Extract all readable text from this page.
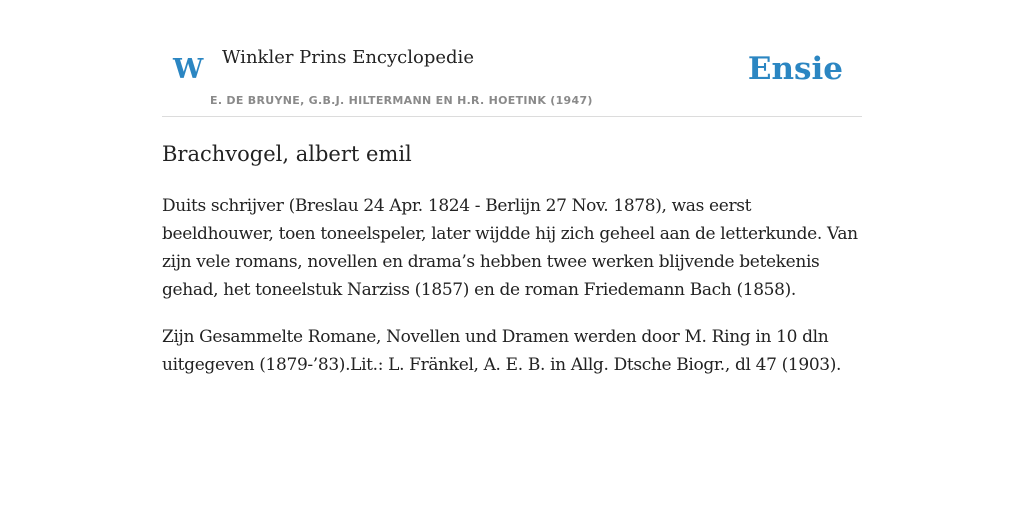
W Winkler Prins Encyclopedie
E. DE BRUYNE, G.B.J. HILTERMANN EN H.R. HOETINK (1947)
Ensie
Brachvogel, albert emil

Duits schrijver (Breslau 24 Apr. 1824 - Berlijn 27 Nov. 1878), was eerst beeldhouwer, toen toneelspeler, later wijdde hij zich geheel aan de letterkunde. Van zijn vele romans, novellen en drama’s hebben twee werken blijvende betekenis gehad, het toneelstuk Narziss (1857) en de roman Friedemann Bach (1858).

Zijn Gesammelte Romane, Novellen und Dramen werden door M. Ring in 10 dln uitgegeven (1879-’83).Lit.: L. Fränkel, A. E. B. in Allg. Dtsche Biogr., dl 47 (1903).
